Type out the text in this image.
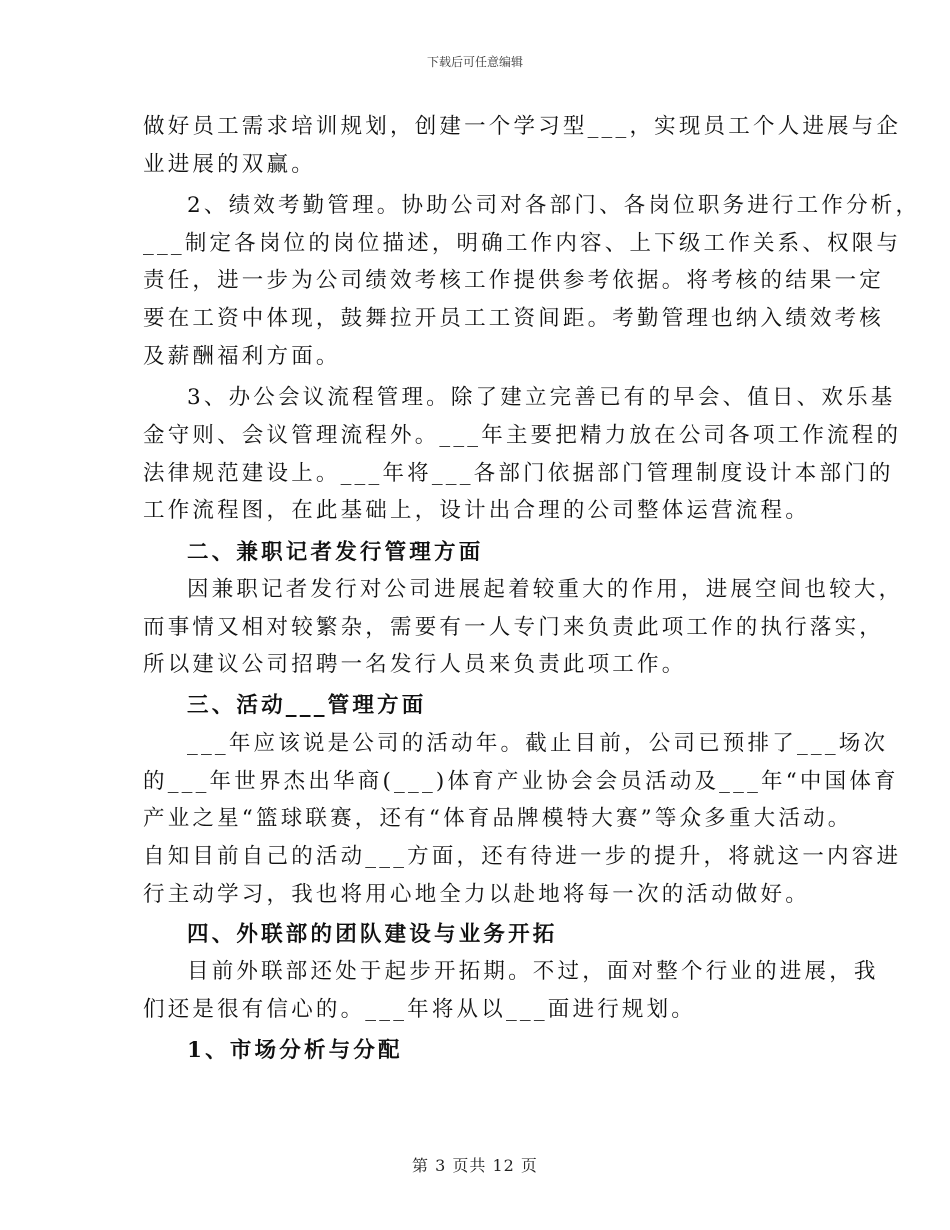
下载后可任意编辑
做好员工需求培训规划，创建一个学习型___，实现员工个人进展与企
业进展的双赢。
2、绩效考勤管理。协助公司对各部门、各岗位职务进行工作分析，
___制定各岗位的岗位描述，明确工作内容、上下级工作关系、权限与
责任，进一步为公司绩效考核工作提供参考依据。将考核的结果一定
要在工资中体现，鼓舞拉开员工工资间距。考勤管理也纳入绩效考核
及薪酬福利方面。
3、办公会议流程管理。除了建立完善已有的早会、值日、欢乐基
金守则、会议管理流程外。___年主要把精力放在公司各项工作流程的
法律规范建设上。___年将___各部门依据部门管理制度设计本部门的
工作流程图，在此基础上，设计出合理的公司整体运营流程。
二、兼职记者发行管理方面
因兼职记者发行对公司进展起着较重大的作用，进展空间也较大，
而事情又相对较繁杂，需要有一人专门来负责此项工作的执行落实，
所以建议公司招聘一名发行人员来负责此项工作。
三、活动___管理方面
___年应该说是公司的活动年。截止目前，公司已预排了___场次
的___年世界杰出华商(___)体育产业协会会员活动及___年“中国体育
产业之星“篮球联赛，还有“体育品牌模特大赛”等众多重大活动。
自知目前自己的活动___方面，还有待进一步的提升，将就这一内容进
行主动学习，我也将用心地全力以赴地将每一次的活动做好。
四、外联部的团队建设与业务开拓
目前外联部还处于起步开拓期。不过，面对整个行业的进展，我
们还是很有信心的。___年将从以___面进行规划。
1、市场分析与分配
第 3 页共 12 页
